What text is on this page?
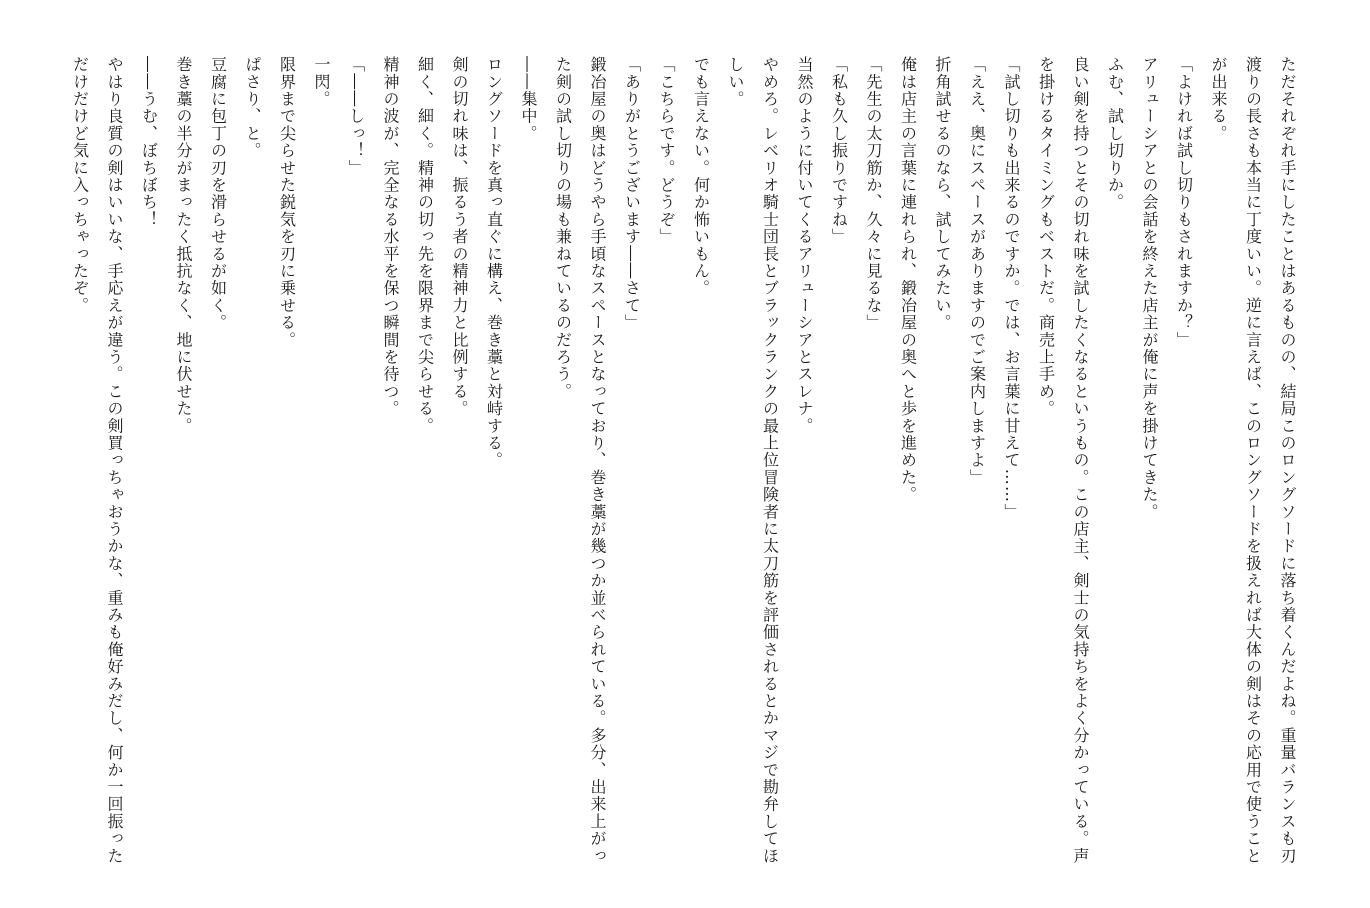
ただそれぞれ手にしたことはあるものの、結局このロングソードに落ち着くんだよね。重量バランスも刃渡りの長さも本当に丁度いい。逆に言えば、このロングソードを扱えれば大体の剣はその応用で使うことが出来る。

「よければ試し切りもされますか？」

アリューシアとの会話を終えた店主が俺に声を掛けてきた。

ふむ、試し切りか。

良い剣を持つとその切れ味を試したくなるというもの。この店主、剣士の気持ちをよく分かっている。声を掛けるタイミングもベストだ。商売上手め。

「試し切りも出来るのですか。では、お言葉に甘えて……」

「ええ、奥にスペースがありますのでご案内しますよ」

折角試せるのなら、試してみたい。

俺は店主の言葉に連れられ、鍛冶屋の奥へと歩を進めた。

「先生の太刀筋か、久々に見るな」

「私も久し振りですね」

当然のように付いてくるアリューシアとスレナ。

やめろ。レベリオ騎士団長とブラックランクの最上位冒険者に太刀筋を評価されるとかマジで勘弁してほしい。

でも言えない。何か怖いもん。

「こちらです。どうぞ」

「ありがとうございます――さて」

鍛冶屋の奥はどうやら手頃なスペースとなっており、巻き藁が幾つか並べられている。多分、出来上がった剣の試し切りの場も兼ねているのだろう。

――集中。

ロングソードを真っ直ぐに構え、巻き藁と対峙する。

剣の切れ味は、振るう者の精神力と比例する。

細く、細く。精神の切っ先を限界まで尖らせる。

精神の波が、完全なる水平を保つ瞬間を待つ。

「――しっ！」

一閃。

限界まで尖らせた鋭気を刃に乗せる。

ぱさり、と。

豆腐に包丁の刃を滑らせるが如く。

巻き藁の半分がまったく抵抗なく、地に伏せた。

――うむ、ぼちぼち！

やはり良質の剣はいいな、手応えが違う。この剣買っちゃおうかな、重みも俺好みだし、何か一回振っただけだけど気に入っちゃったぞ。
